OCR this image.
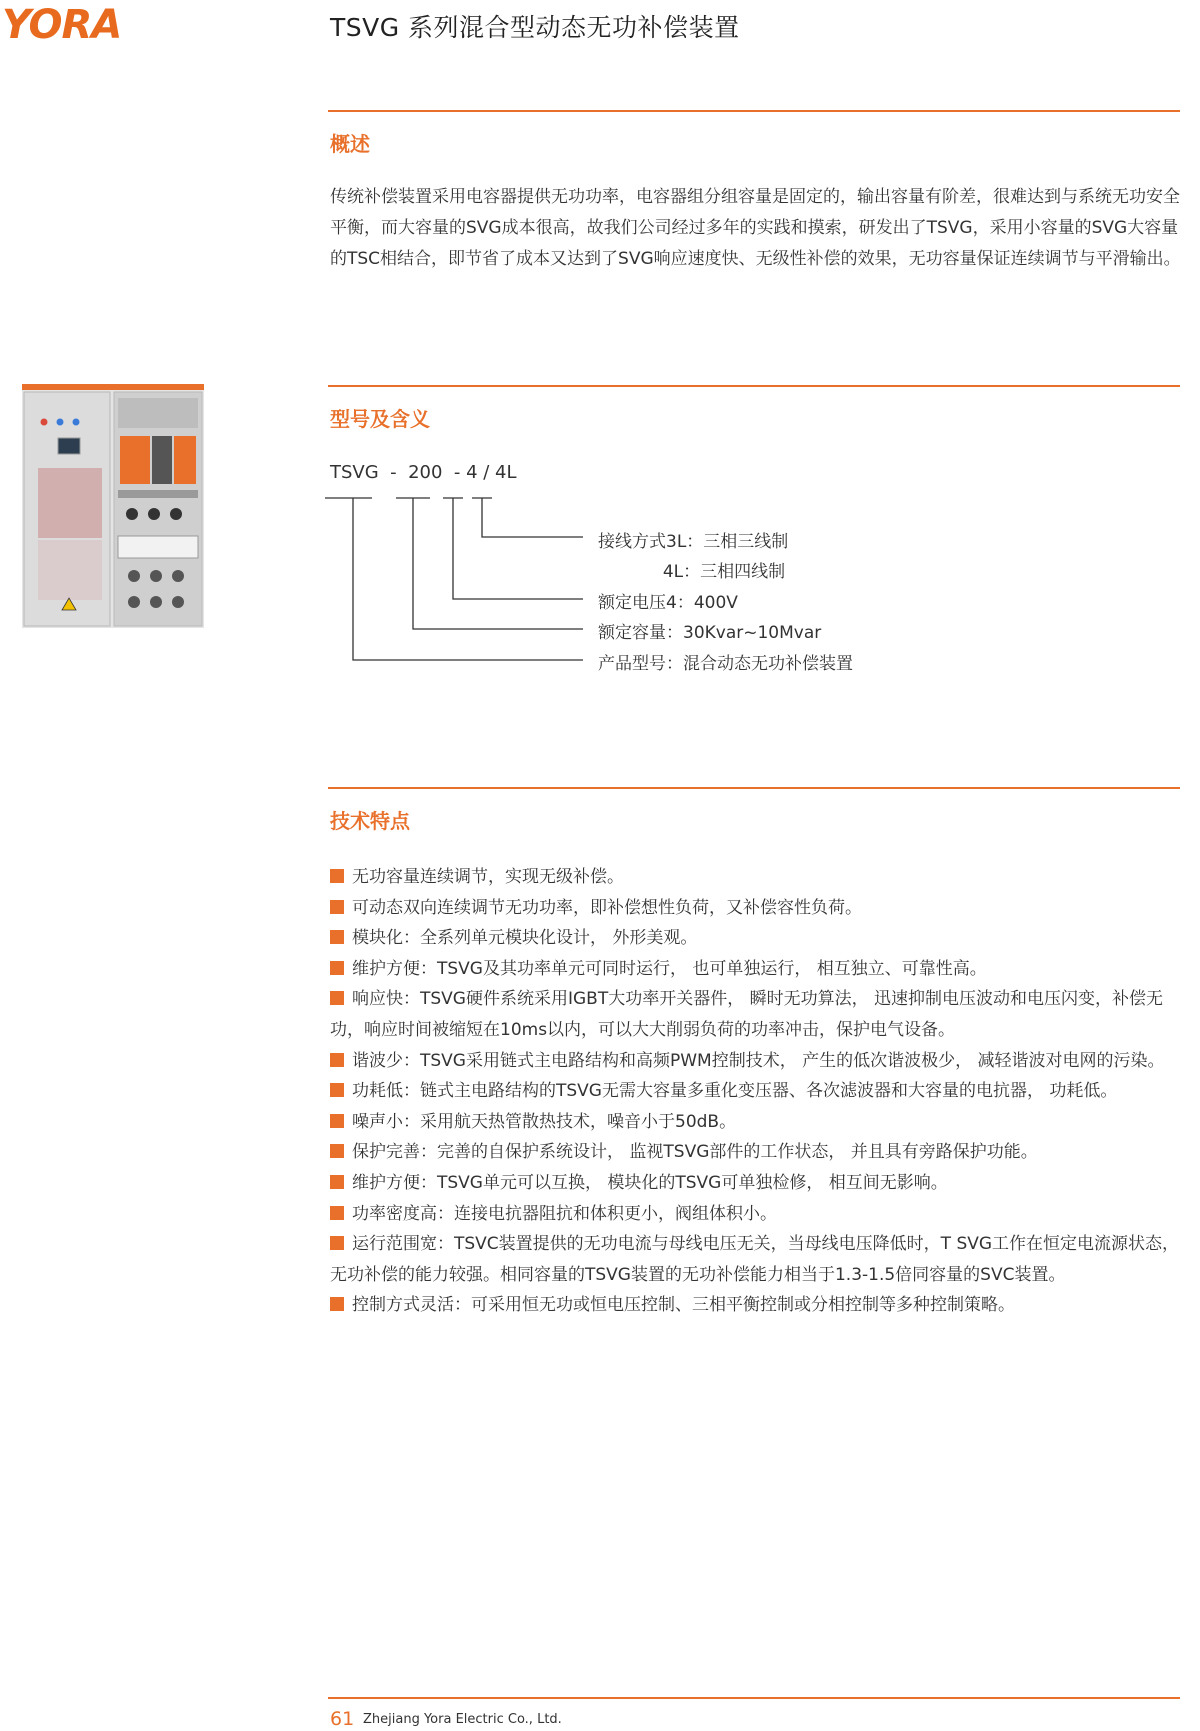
YORA	TSVG 系列混合型动态无功补偿装置
概述

传统补偿装置采用电容器提供无功功率，电容器组分组容量是固定的，输出容量有阶差，很难达到与系统无功安全平衡，而大容量的SVG成本很高，故我们公司经过多年的实践和摸索，研发出了TSVG，采用小容量的SVG大容量的TSC相结合，即节省了成本又达到了SVG响应速度快、无级性补偿的效果，无功容量保证连续调节与平滑输出。

型号及含义
TSVG  -  200  - 4 / 4L
接线方式3L：三相三线制
4L：三相四线制
额定电压4：400V
额定容量：30Kvar~10Mvar
产品型号：混合动态无功补偿装置
技术特点
无功容量连续调节，实现无级补偿。
可动态双向连续调节无功功率，即补偿想性负荷，又补偿容性负荷。
模块化：全系列单元模块化设计， 外形美观。
维护方便：TSVG及其功率单元可同时运行， 也可单独运行， 相互独立、可靠性高。
响应快：TSVG硬件系统采用IGBT大功率开关器件， 瞬时无功算法， 迅速抑制电压波动和电压闪变，补偿无功，响应时间被缩短在10ms以内，可以大大削弱负荷的功率冲击，保护电气设备。
谐波少：TSVG采用链式主电路结构和高频PWM控制技术， 产生的低次谐波极少， 减轻谐波对电网的污染。
功耗低：链式主电路结构的TSVG无需大容量多重化变压器、各次滤波器和大容量的电抗器， 功耗低。
噪声小：采用航天热管散热技术，噪音小于50dB。
保护完善：完善的自保护系统设计， 监视TSVG部件的工作状态， 并且具有旁路保护功能。
维护方便：TSVG单元可以互换， 模块化的TSVG可单独检修， 相互间无影响。
功率密度高：连接电抗器阻抗和体积更小，阀组体积小。
运行范围宽：TSVC装置提供的无功电流与母线电压无关，当母线电压降低时，T SVG工作在恒定电流源状态，无功补偿的能力较强。相同容量的TSVG装置的无功补偿能力相当于1.3-1.5倍同容量的SVC装置。
控制方式灵活：可采用恒无功或恒电压控制、三相平衡控制或分相控制等多种控制策略。
61 Zhejiang Yora Electric Co., Ltd.
